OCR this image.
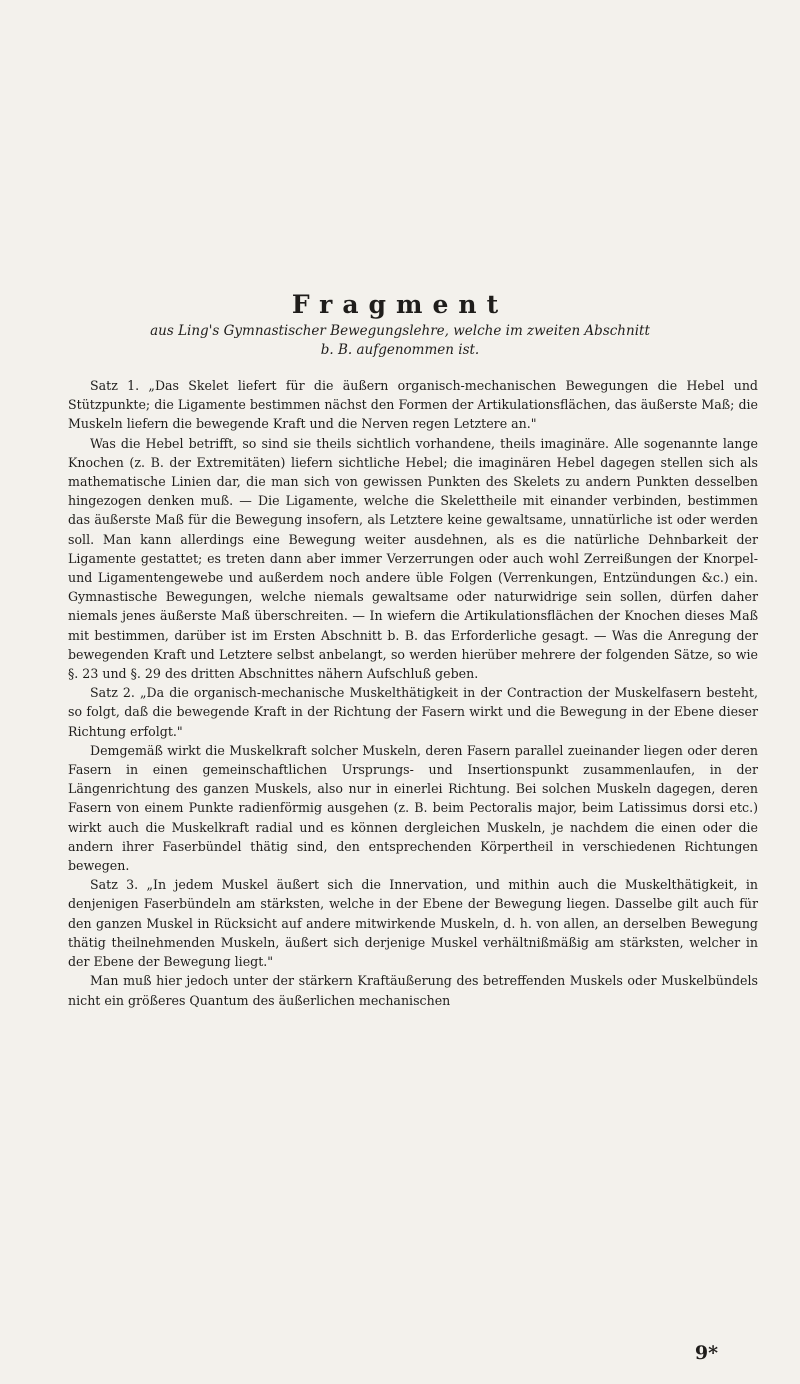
Fragment
aus Ling's Gymnastischer Bewegungslehre, welche im zweiten Abschnitt
b. B. aufgenommen ist.

Satz 1. „Das Skelet liefert für die äußern organisch-mechanischen Bewegungen die Hebel und Stützpunkte; die Ligamente bestimmen nächst den Formen der Artikulationsflächen, das äußerste Maß; die Muskeln liefern die bewegende Kraft und die Nerven regen Letztere an."

Was die Hebel betrifft, so sind sie theils sichtlich vorhandene, theils imaginäre. Alle sogenannte lange Knochen (z. B. der Extremitäten) liefern sichtliche Hebel; die imaginären Hebel dagegen stellen sich als mathematische Linien dar, die man sich von gewissen Punkten des Skelets zu andern Punkten desselben hingezogen denken muß. — Die Ligamente, welche die Skelettheile mit einander verbinden, bestimmen das äußerste Maß für die Bewegung insofern, als Letztere keine gewaltsame, unnatürliche ist oder werden soll. Man kann allerdings eine Bewegung weiter ausdehnen, als es die natürliche Dehnbarkeit der Ligamente gestattet; es treten dann aber immer Verzerrungen oder auch wohl Zerreißungen der Knorpel- und Ligamentengewebe und außerdem noch andere üble Folgen (Verrenkungen, Entzündungen &c.) ein. Gymnastische Bewegungen, welche niemals gewaltsame oder naturwidrige sein sollen, dürfen daher niemals jenes äußerste Maß überschreiten. — In wiefern die Artikulationsflächen der Knochen dieses Maß mit bestimmen, darüber ist im Ersten Abschnitt b. B. das Erforderliche gesagt. — Was die Anregung der bewegenden Kraft und Letztere selbst anbelangt, so werden hierüber mehrere der folgenden Sätze, so wie §. 23 und §. 29 des dritten Abschnittes nähern Aufschluß geben.

Satz 2. „Da die organisch-mechanische Muskelthätigkeit in der Contraction der Muskelfasern besteht, so folgt, daß die bewegende Kraft in der Richtung der Fasern wirkt und die Bewegung in der Ebene dieser Richtung erfolgt."

Demgemäß wirkt die Muskelkraft solcher Muskeln, deren Fasern parallel zueinander liegen oder deren Fasern in einen gemeinschaftlichen Ursprungs- und Insertionspunkt zusammenlaufen, in der Längenrichtung des ganzen Muskels, also nur in einerlei Richtung. Bei solchen Muskeln dagegen, deren Fasern von einem Punkte radienförmig ausgehen (z. B. beim Pectoralis major, beim Latissimus dorsi etc.) wirkt auch die Muskelkraft radial und es können dergleichen Muskeln, je nachdem die einen oder die andern ihrer Faserbündel thätig sind, den entsprechenden Körpertheil in verschiedenen Richtungen bewegen.

Satz 3. „In jedem Muskel äußert sich die Innervation, und mithin auch die Muskelthätigkeit, in denjenigen Faserbündeln am stärksten, welche in der Ebene der Bewegung liegen. Dasselbe gilt auch für den ganzen Muskel in Rücksicht auf andere mitwirkende Muskeln, d. h. von allen, an derselben Bewegung thätig theilnehmenden Muskeln, äußert sich derjenige Muskel verhältnißmäßig am stärksten, welcher in der Ebene der Bewegung liegt."

Man muß hier jedoch unter der stärkern Kraftäußerung des betreffenden Muskels oder Muskelbündels nicht ein größeres Quantum des äußerlichen mechanischen

9*
